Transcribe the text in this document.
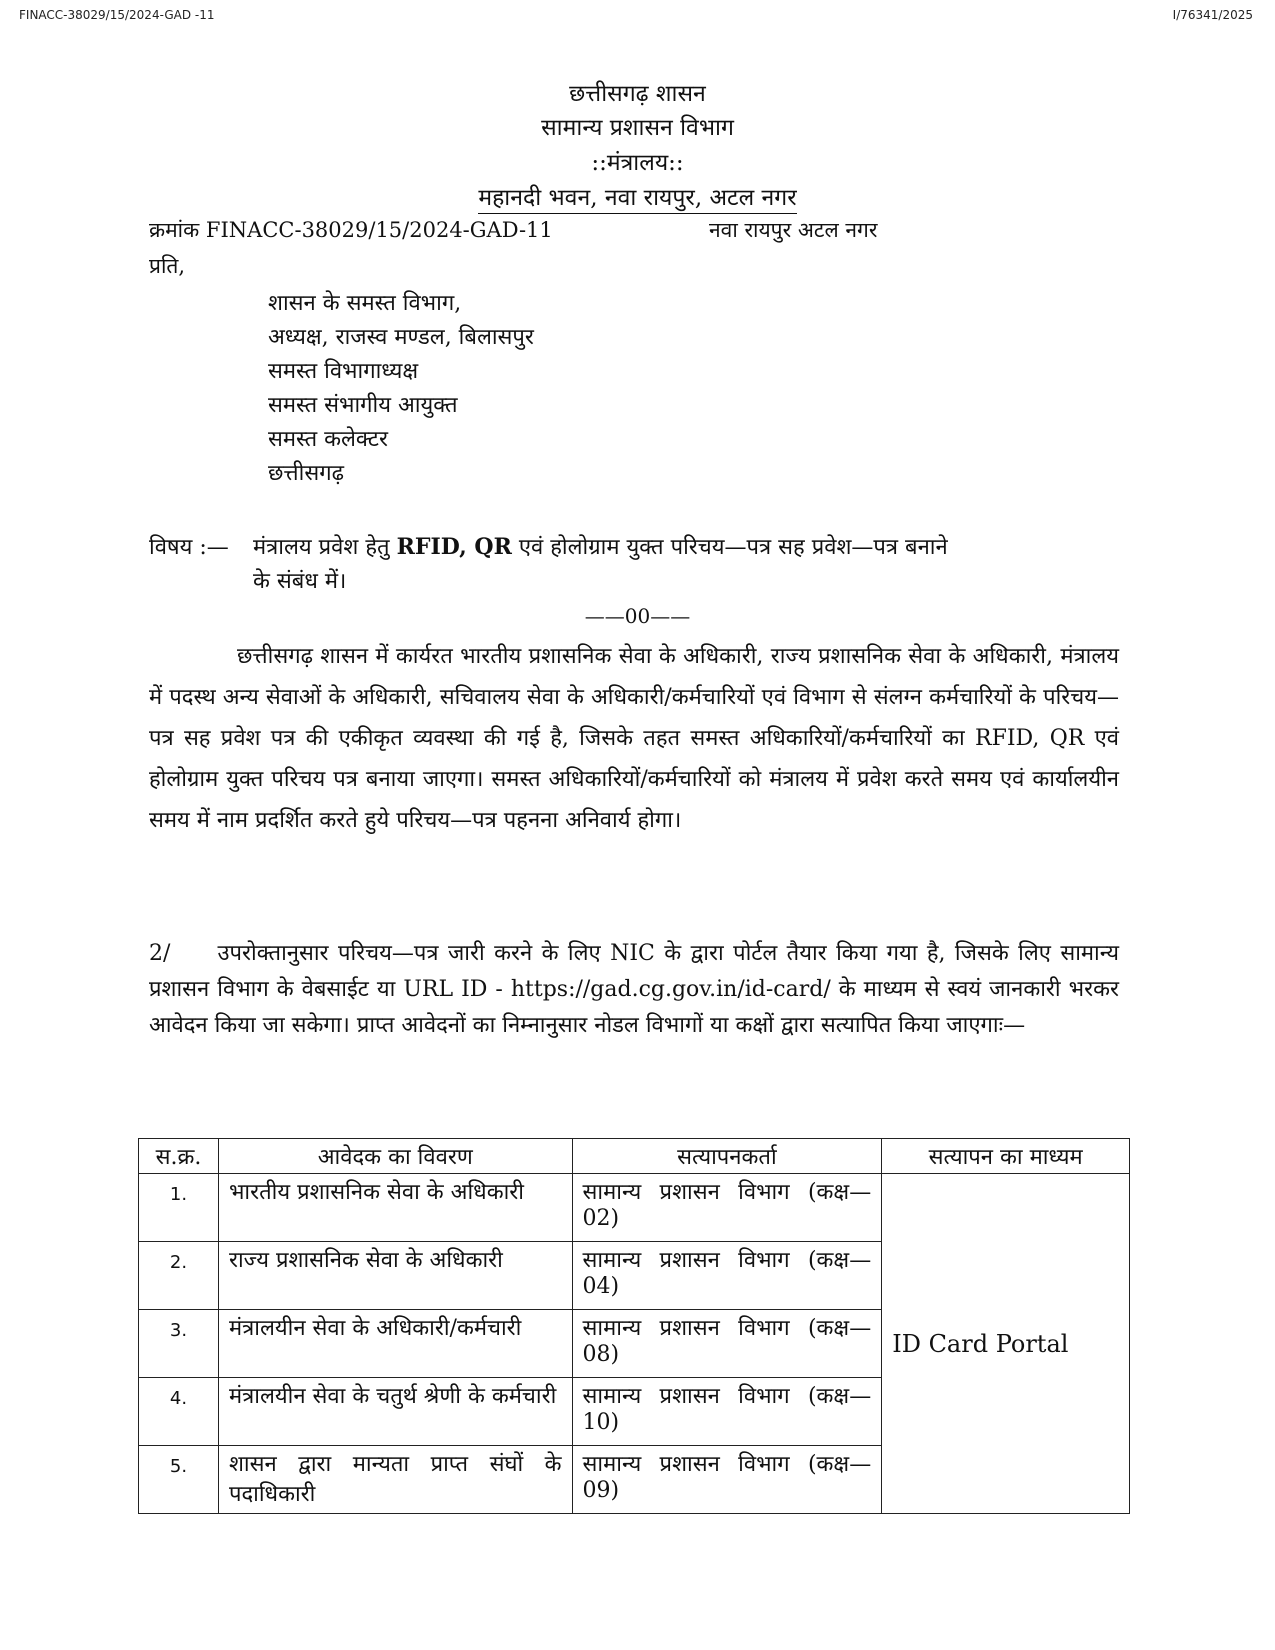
FINACC-38029/15/2024-GAD -11	I/76341/2025
छत्तीसगढ़ शासन
सामान्य प्रशासन विभाग
::मंत्रालय::
महानदी भवन, नवा रायपुर, अटल नगर
क्रमांक FINACC-38029/15/2024-GAD-11	नवा रायपुर अटल नगर
प्रति,
शासन के समस्त विभाग,
अध्यक्ष, राजस्व मण्डल, बिलासपुर
समस्त विभागाध्यक्ष
समस्त संभागीय आयुक्त
समस्त कलेक्टर
छत्तीसगढ़
विषय :— मंत्रालय प्रवेश हेतु RFID, QR एवं होलोग्राम युक्त परिचय—पत्र सह प्रवेश—पत्र बनाने
के संबंध में।
——00——
छत्तीसगढ़ शासन में कार्यरत भारतीय प्रशासनिक सेवा के अधिकारी, राज्य प्रशासनिक सेवा के अधिकारी, मंत्रालय में पदस्थ अन्य सेवाओं के अधिकारी, सचिवालय सेवा के अधिकारी/कर्मचारियों एवं विभाग से संलग्न कर्मचारियों के परिचय—पत्र सह प्रवेश पत्र की एकीकृत व्यवस्था की गई है, जिसके तहत समस्त अधिकारियों/कर्मचारियों का RFID, QR एवं होलोग्राम युक्त परिचय पत्र बनाया जाएगा। समस्त अधिकारियों/कर्मचारियों को मंत्रालय में प्रवेश करते समय एवं कार्यालयीन समय में नाम प्रदर्शित करते हुये परिचय—पत्र पहनना अनिवार्य होगा।
2/     उपरोक्तानुसार परिचय—पत्र जारी करने के लिए NIC के द्वारा पोर्टल तैयार किया गया है, जिसके लिए सामान्य प्रशासन विभाग के वेबसाईट या URL ID - https://gad.cg.gov.in/id-card/ के माध्यम से स्वयं जानकारी भरकर आवेदन किया जा सकेगा। प्राप्त आवेदनों का निम्नानुसार नोडल विभागों या कक्षों द्वारा सत्यापित किया जाएगाः—
स.क्र.	आवेदक का विवरण	सत्यापनकर्ता	सत्यापन का माध्यम
1.	भारतीय प्रशासनिक सेवा के अधिकारी	सामान्य प्रशासन विभाग (कक्ष—02)	ID Card Portal
2.	राज्य प्रशासनिक सेवा के अधिकारी	सामान्य प्रशासन विभाग (कक्ष—04)	
3.	मंत्रालयीन सेवा के अधिकारी/कर्मचारी	सामान्य प्रशासन विभाग (कक्ष—08)	
4.	मंत्रालयीन सेवा के चतुर्थ श्रेणी के कर्मचारी	सामान्य प्रशासन विभाग (कक्ष—10)	
5.	शासन द्वारा मान्यता प्राप्त संघों के पदाधिकारी	सामान्य प्रशासन विभाग (कक्ष—09)	
